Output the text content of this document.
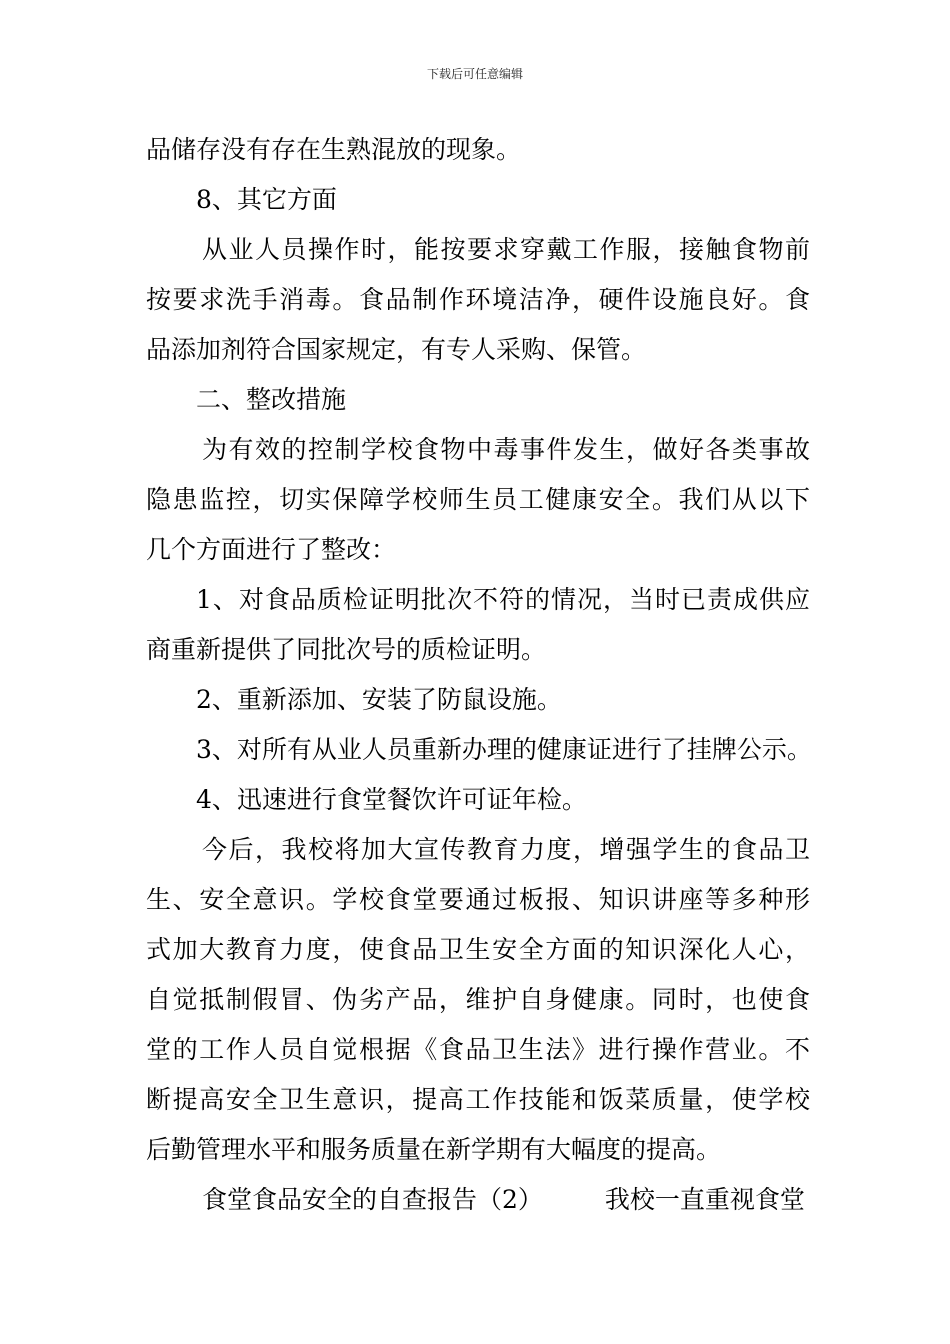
下载后可任意编辑
品储存没有存在生熟混放的现象。
8、其它方面
从业人员操作时，能按要求穿戴工作服，接触食物前
按要求洗手消毒。食品制作环境洁净，硬件设施良好。食
品添加剂符合国家规定，有专人采购、保管。
二、整改措施
为有效的控制学校食物中毒事件发生，做好各类事故
隐患监控，切实保障学校师生员工健康安全。我们从以下
几个方面进行了整改：
1、对食品质检证明批次不符的情况，当时已责成供应
商重新提供了同批次号的质检证明。
2、重新添加、安装了防鼠设施。
3、对所有从业人员重新办理的健康证进行了挂牌公示。
4、迅速进行食堂餐饮许可证年检。
今后，我校将加大宣传教育力度，增强学生的食品卫
生、安全意识。学校食堂要通过板报、知识讲座等多种形
式加大教育力度，使食品卫生安全方面的知识深化人心，
自觉抵制假冒、伪劣产品，维护自身健康。同时，也使食
堂的工作人员自觉根据《食品卫生法》进行操作营业。不
断提高安全卫生意识，提高工作技能和饭菜质量，使学校
后勤管理水平和服务质量在新学期有大幅度的提高。
食堂食品安全的自查报告（2） 我校一直重视食堂
